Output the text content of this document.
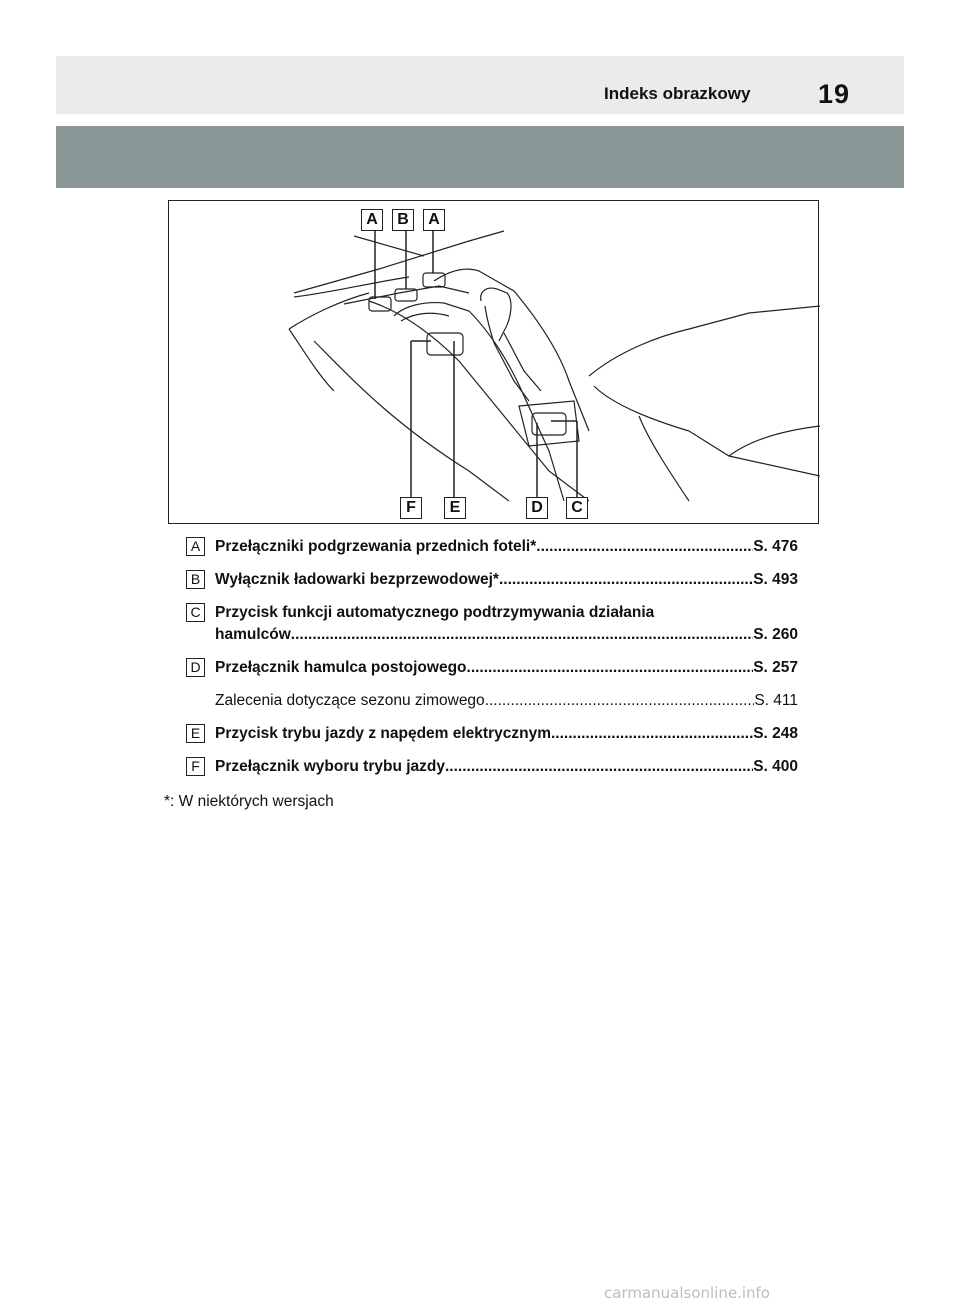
Indeks obrazkowy	19
A	B	A
F	E	D	C
A Przełączniki podgrzewania przednich foteli* .....	S. 476
B Wyłącznik ładowarki bezprzewodowej* .....	S. 493
C Przycisk funkcji automatycznego podtrzymywania działania
hamulców .....	S. 260
D Przełącznik hamulca postojowego .....	S. 257
Zalecenia dotyczące sezonu zimowego .....	S. 411
E Przycisk trybu jazdy z napędem elektrycznym .....	S. 248
F Przełącznik wyboru trybu jazdy .....	S. 400
*: W niektórych wersjach
carmanualsonline.info
